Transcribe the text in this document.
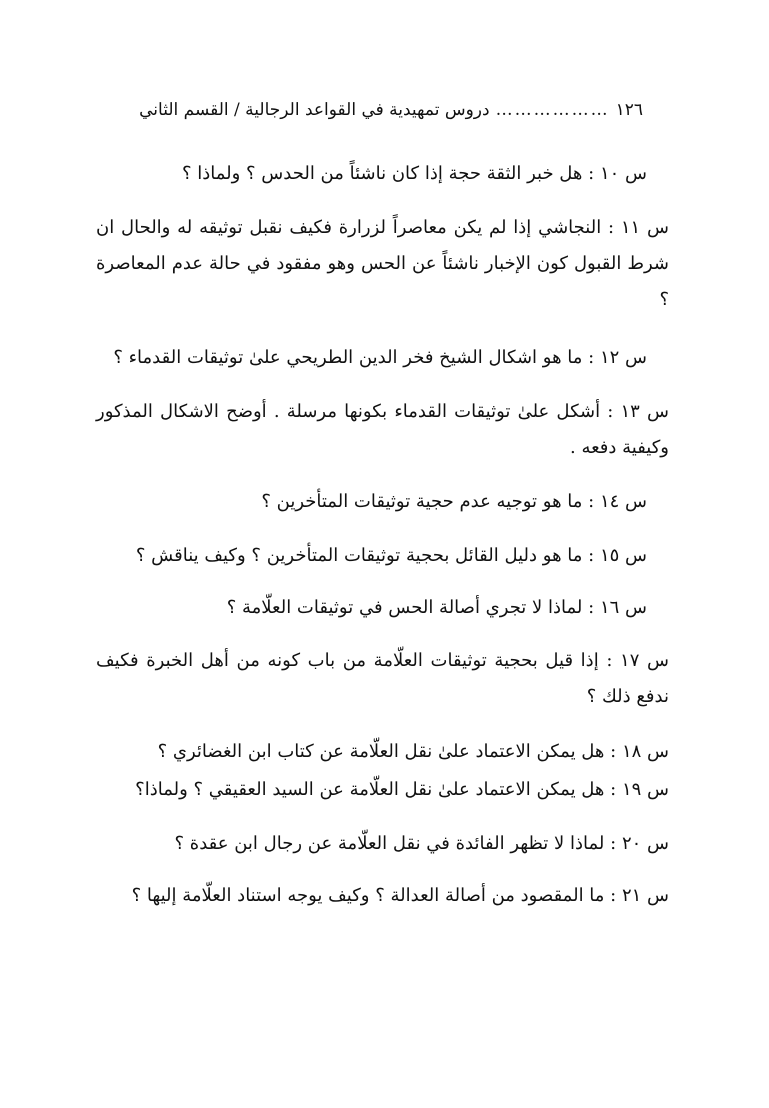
١٢٦………………دروس تمهيدية في القواعد الرجالية / القسم الثاني
س ١٠ : هل خبر الثقة حجة إذا كان ناشئاً من الحدس ؟ ولماذا ؟
س ١١ : النجاشي إذا لم يكن معاصراً لزرارة فكيف نقبل توثيقه له والحال ان شرط القبول كون الإخبار ناشئاً عن الحس وهو مفقود في حالة عدم المعاصرة ؟
س ١٢ : ما هو اشكال الشيخ فخر الدين الطريحي علىٰ توثيقات القدماء ؟
س ١٣ : أشكل علىٰ توثيقات القدماء بكونها مرسلة . أوضح الاشكال المذكور وكيفية دفعه .
س ١٤ : ما هو توجيه عدم حجية توثيقات المتأخرين ؟
س ١٥ : ما هو دليل القائل بحجية توثيقات المتأخرين ؟ وكيف يناقش ؟
س ١٦ : لماذا لا تجري أصالة الحس في توثيقات العلّامة ؟
س ١٧ : إذا قيل بحجية توثيقات العلّامة من باب كونه من أهل الخبرة فكيف ندفع ذلك ؟
س ١٨ : هل يمكن الاعتماد علىٰ نقل العلّامة عن كتاب ابن الغضائري ؟
س ١٩ : هل يمكن الاعتماد علىٰ نقل العلّامة عن السيد العقيقي ؟ ولماذا؟
س ٢٠ : لماذا لا تظهر الفائدة في نقل العلّامة عن رجال ابن عقدة ؟
س ٢١ : ما المقصود من أصالة العدالة ؟ وكيف يوجه استناد العلّامة إليها ؟
